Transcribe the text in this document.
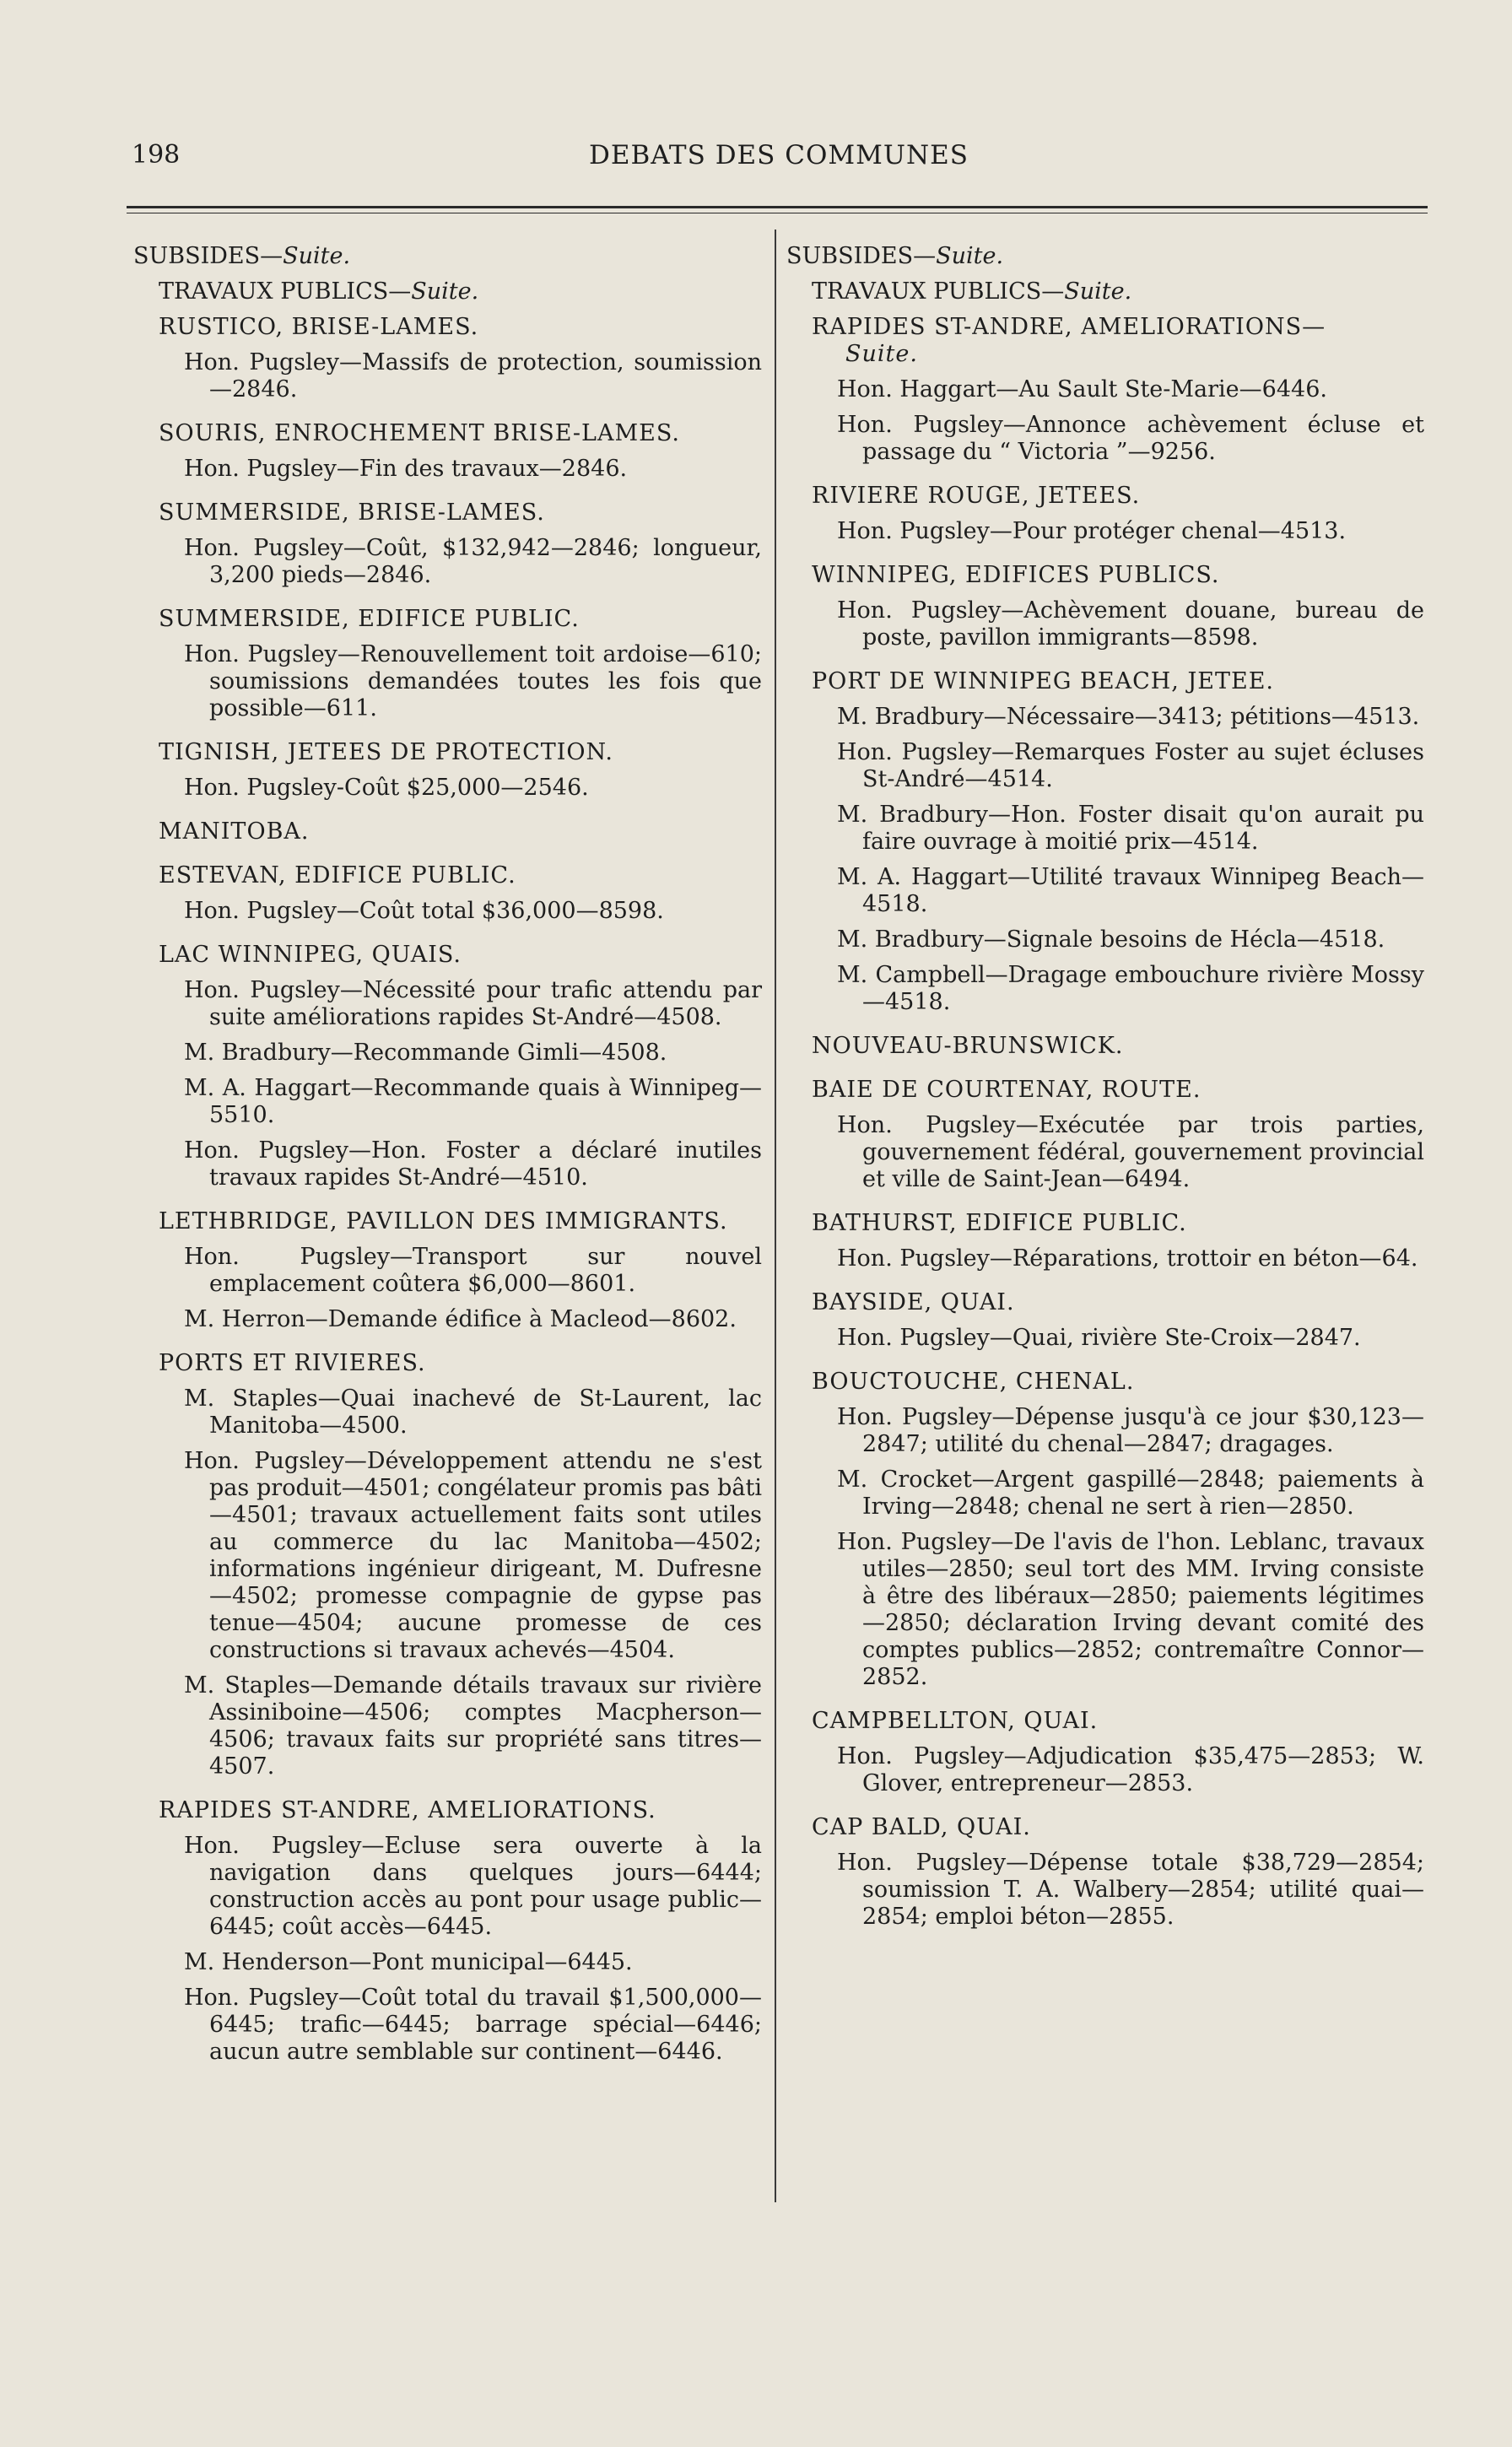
198	DEBATS DES COMMUNES
SUBSIDES—Suite.
TRAVAUX PUBLICS—Suite.
RUSTICO, BRISE-LAMES.
Hon. Pugsley—Massifs de protection, soumission—2846.
SOURIS, ENROCHEMENT BRISE-LAMES.
Hon. Pugsley—Fin des travaux—2846.
SUMMERSIDE, BRISE-LAMES.
Hon. Pugsley—Coût, $132,942—2846; longueur, 3,200 pieds—2846.
SUMMERSIDE, EDIFICE PUBLIC.
Hon. Pugsley—Renouvellement toit ardoise—610; soumissions demandées toutes les fois que possible—611.
TIGNISH, JETEES DE PROTECTION.
Hon. Pugsley-Coût $25,000—2546.
MANITOBA.
ESTEVAN, EDIFICE PUBLIC.
Hon. Pugsley—Coût total $36,000—8598.
LAC WINNIPEG, QUAIS.
Hon. Pugsley—Nécessité pour trafic attendu par suite améliorations rapides St-André—4508.
M. Bradbury—Recommande Gimli—4508.
M. A. Haggart—Recommande quais à Winnipeg—5510.
Hon. Pugsley—Hon. Foster a déclaré inutiles travaux rapides St-André—4510.
LETHBRIDGE, PAVILLON DES IMMIGRANTS.
Hon. Pugsley—Transport sur nouvel emplacement coûtera $6,000—8601.
M. Herron—Demande édifice à Macleod—8602.
PORTS ET RIVIERES.
M. Staples—Quai inachevé de St-Laurent, lac Manitoba—4500.
Hon. Pugsley—Développement attendu ne s'est pas produit—4501; congélateur promis pas bâti—4501; travaux actuellement faits sont utiles au commerce du lac Manitoba—4502; informations ingénieur dirigeant, M. Dufresne—4502; promesse compagnie de gypse pas tenue—4504; aucune promesse de ces constructions si travaux achevés—4504.
M. Staples—Demande détails travaux sur rivière Assiniboine—4506; comptes Macpherson—4506; travaux faits sur propriété sans titres—4507.
RAPIDES ST-ANDRE, AMELIORATIONS.
Hon. Pugsley—Ecluse sera ouverte à la navigation dans quelques jours—6444; construction accès au pont pour usage public—6445; coût accès—6445.
M. Henderson—Pont municipal—6445.
Hon. Pugsley—Coût total du travail $1,500,000—6445; trafic—6445; barrage spécial—6446; aucun autre semblable sur continent—6446.
SUBSIDES—Suite.
TRAVAUX PUBLICS—Suite.
RAPIDES ST-ANDRE, AMELIORATIONS—
Suite.
Hon. Haggart—Au Sault Ste-Marie—6446.
Hon. Pugsley—Annonce achèvement écluse et passage du “ Victoria ”—9256.
RIVIERE ROUGE, JETEES.
Hon. Pugsley—Pour protéger chenal—4513.
WINNIPEG, EDIFICES PUBLICS.
Hon. Pugsley—Achèvement douane, bureau de poste, pavillon immigrants—8598.
PORT DE WINNIPEG BEACH, JETEE.
M. Bradbury—Nécessaire—3413; pétitions—4513.
Hon. Pugsley—Remarques Foster au sujet écluses St-André—4514.
M. Bradbury—Hon. Foster disait qu'on aurait pu faire ouvrage à moitié prix—4514.
M. A. Haggart—Utilité travaux Winnipeg Beach—4518.
M. Bradbury—Signale besoins de Hécla—4518.
M. Campbell—Dragage embouchure rivière Mossy—4518.
NOUVEAU-BRUNSWICK.
BAIE DE COURTENAY, ROUTE.
Hon. Pugsley—Exécutée par trois parties, gouvernement fédéral, gouvernement provincial et ville de Saint-Jean—6494.
BATHURST, EDIFICE PUBLIC.
Hon. Pugsley—Réparations, trottoir en béton—64.
BAYSIDE, QUAI.
Hon. Pugsley—Quai, rivière Ste-Croix—2847.
BOUCTOUCHE, CHENAL.
Hon. Pugsley—Dépense jusqu'à ce jour $30,123—2847; utilité du chenal—2847; dragages.
M. Crocket—Argent gaspillé—2848; paiements à Irving—2848; chenal ne sert à rien—2850.
Hon. Pugsley—De l'avis de l'hon. Leblanc, travaux utiles—2850; seul tort des MM. Irving consiste à être des libéraux—2850; paiements légitimes—2850; déclaration Irving devant comité des comptes publics—2852; contremaître Connor—2852.
CAMPBELLTON, QUAI.
Hon. Pugsley—Adjudication $35,475—2853; W. Glover, entrepreneur—2853.
CAP BALD, QUAI.
Hon. Pugsley—Dépense totale $38,729—2854; soumission T. A. Walbery—2854; utilité quai—2854; emploi béton—2855.
